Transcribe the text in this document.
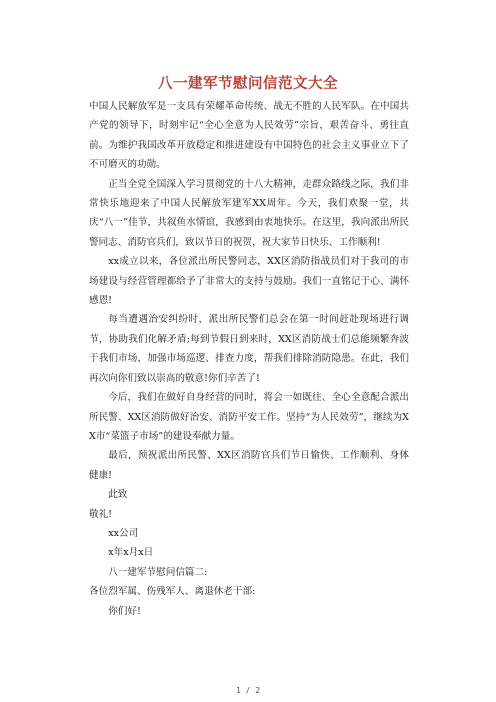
八一建军节慰问信范文大全

中国人民解放军是一支具有荣耀革命传统、战无不胜的人民军队。在中国共产党的领导下，时刻牢记“全心全意为人民效劳”宗旨，艰苦奋斗、勇往直前。为维护我国改革开放稳定和推进建设有中国特色的社会主义事业立下了不可磨灭的功勋。

正当全党全国深入学习贯彻党的十八大精神，走群众路线之际，我们非常快乐地迎来了中国人民解放军建军XX周年。今天，我们欢聚一堂，共庆“八一”佳节，共叙鱼水情谊，我感到由衷地快乐。在这里，我向派出所民警同志、消防官兵们，致以节日的祝贺，祝大家节日快乐、工作顺利!

xx成立以来，各位派出所民警同志，XX区消防指战员们对于我司的市场建设与经营管理都给予了非常大的支持与鼓励。我们一直铭记于心、满怀感恩!

每当遭遇治安纠纷时，派出所民警们总会在第一时间赶赴现场进行调节，协助我们化解矛盾;每到节假日到来时，XX区消防战士们总能频繁奔波于我们市场，加强市场巡逻、排查力度，帮我们排除消防隐患。在此，我们再次向你们致以崇高的敬意!你们辛苦了!

今后，我们在做好自身经营的同时，将会一如既往、全心全意配合派出所民警、XX区消防做好治安、消防平安工作。坚持“为人民效劳”，继续为XX市“菜篮子市场”的建设奉献力量。

最后，预祝派出所民警、XX区消防官兵们节日愉快、工作顺利、身体健康!

此致

敬礼!

xx公司

x年x月x日

八一建军节慰问信篇二:

各位烈军属、伤残军人、离退休老干部:

你们好!

1 / 2
